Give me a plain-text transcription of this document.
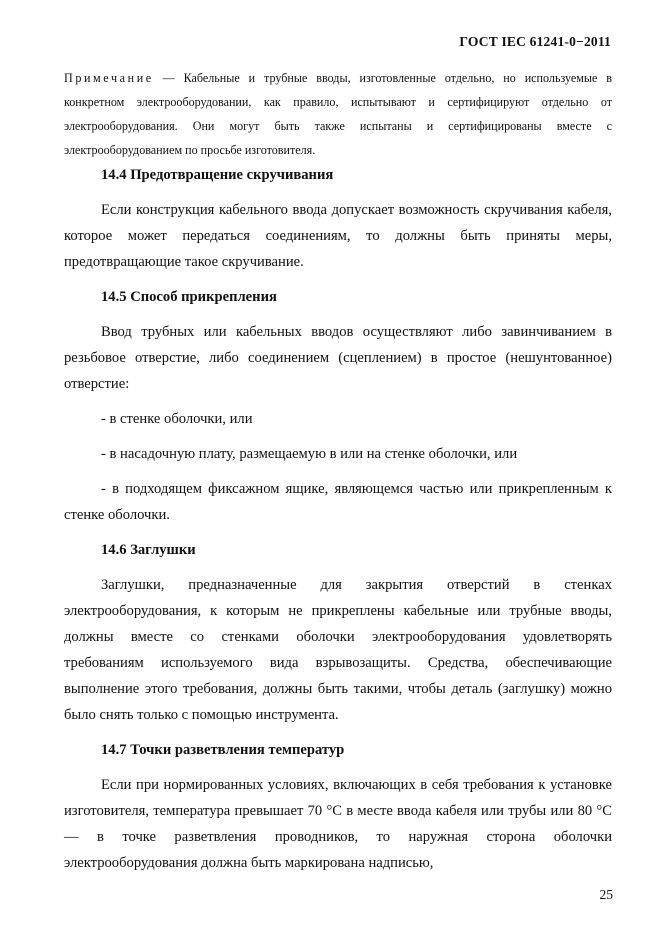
ГОСТ IEC 61241-0−2011
Примечание — Кабельные и трубные вводы, изготовленные отдельно, но используемые в конкретном электрооборудовании, как правило, испытывают и сертифицируют отдельно от электрооборудования. Они могут быть также испытаны и сертифицированы вместе с электрооборудованием по просьбе изготовителя.
14.4 Предотвращение скручивания

Если конструкция кабельного ввода допускает возможность скручивания кабеля, которое может передаться соединениям, то должны быть приняты меры, предотвращающие такое скручивание.

14.5 Способ прикрепления

Ввод трубных или кабельных вводов осуществляют либо завинчиванием в резьбовое отверстие, либо соединением (сцеплением) в простое (нешунтованное) отверстие:

- в стенке оболочки, или

- в насадочную плату, размещаемую в или на стенке оболочки, или

- в подходящем фиксажном ящике, являющемся частью или прикрепленным к стенке оболочки.

14.6 Заглушки

Заглушки, предназначенные для закрытия отверстий в стенках электрооборудования, к которым не прикреплены кабельные или трубные вводы, должны вместе со стенками оболочки электрооборудования удовлетворять требованиям используемого вида взрывозащиты. Средства, обеспечивающие выполнение этого требования, должны быть такими, чтобы деталь (заглушку) можно было снять только с помощью инструмента.

14.7 Точки разветвления температур

Если при нормированных условиях, включающих в себя требования к установке изготовителя, температура превышает 70 °C в месте ввода кабеля или трубы или 80 °C — в точке разветвления проводников, то наружная сторона оболочки электрооборудования должна быть маркирована надписью,

25
